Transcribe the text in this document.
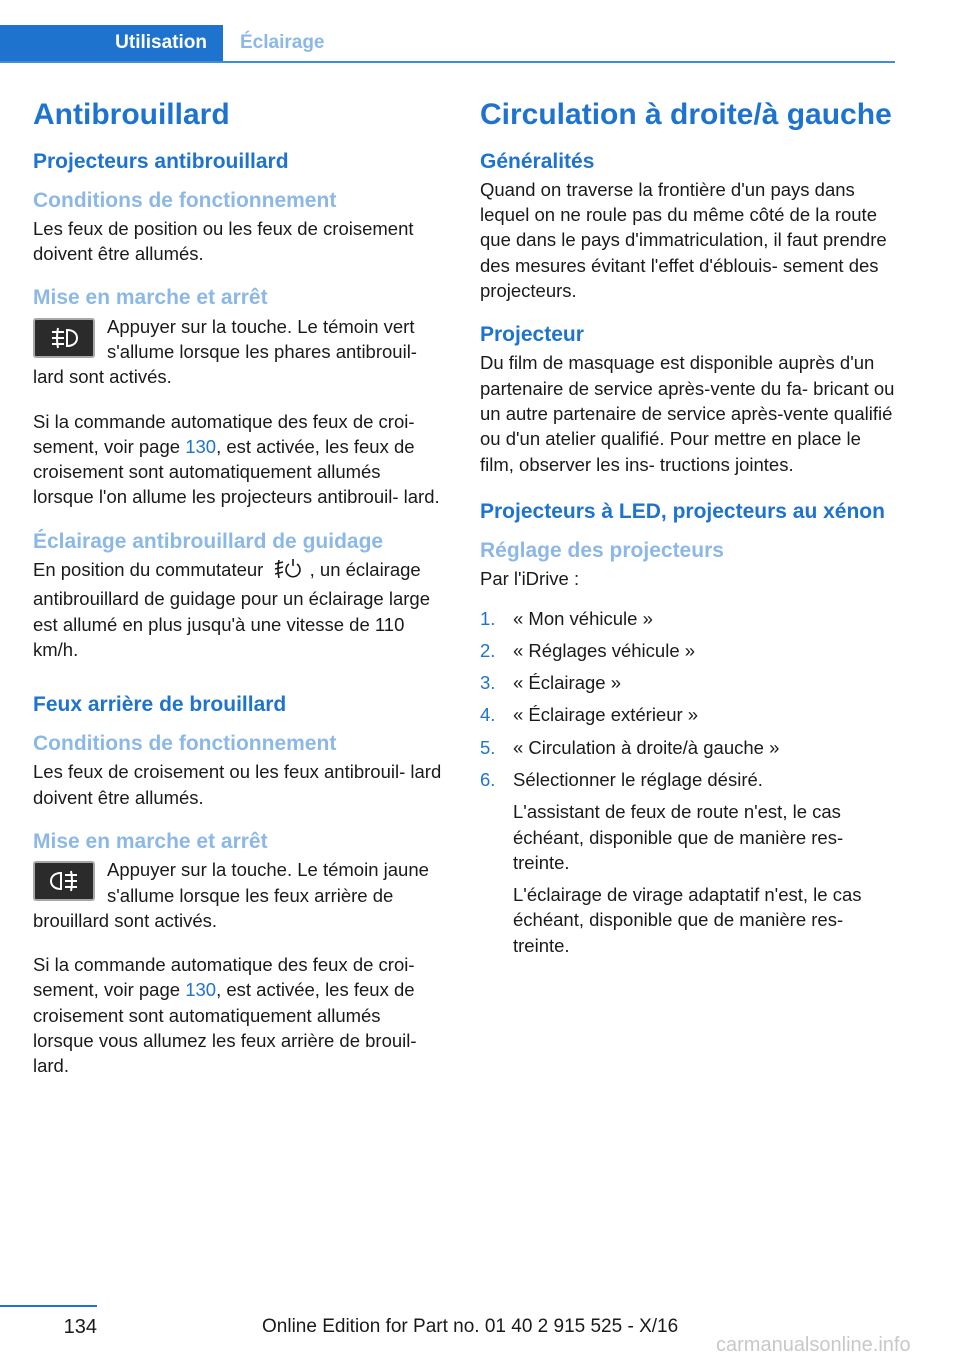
Utilisation	Éclairage
Antibrouillard
Projecteurs antibrouillard
Conditions de fonctionnement

Les feux de position ou les feux de croisement doivent être allumés.

Mise en marche et arrêt

Appuyer sur la touche. Le témoin vert s'allume lorsque les phares antibrouil‐ lard sont activés.

Si la commande automatique des feux de croi‐ sement, voir page 130, est activée, les feux de croisement sont automatiquement allumés lorsque l'on allume les projecteurs antibrouil‐ lard.

Éclairage antibrouillard de guidage

En position du commutateur  , un éclairage antibrouillard de guidage pour un éclairage large est allumé en plus jusqu'à une vitesse de 110 km/h.

Feux arrière de brouillard
Conditions de fonctionnement

Les feux de croisement ou les feux antibrouil‐ lard doivent être allumés.

Mise en marche et arrêt

Appuyer sur la touche. Le témoin jaune s'allume lorsque les feux arrière de brouillard sont activés.

Si la commande automatique des feux de croi‐ sement, voir page 130, est activée, les feux de croisement sont automatiquement allumés lorsque vous allumez les feux arrière de brouil‐ lard.

Circulation à droite/à gauche
Généralités

Quand on traverse la frontière d'un pays dans lequel on ne roule pas du même côté de la route que dans le pays d'immatriculation, il faut prendre des mesures évitant l'effet d'éblouis‐ sement des projecteurs.

Projecteur

Du film de masquage est disponible auprès d'un partenaire de service après-vente du fa‐ bricant ou un autre partenaire de service après-vente qualifié ou d'un atelier qualifié. Pour mettre en place le film, observer les ins‐ tructions jointes.

Projecteurs à LED, projecteurs au xénon
Réglage des projecteurs

Par l'iDrive :

1. « Mon véhicule »
2. « Réglages véhicule »
3. « Éclairage »
4. « Éclairage extérieur »
5. « Circulation à droite/à gauche »
6. Sélectionner le réglage désiré.

L'assistant de feux de route n'est, le cas échéant, disponible que de manière res‐ treinte.

L'éclairage de virage adaptatif n'est, le cas échéant, disponible que de manière res‐ treinte.

134	Online Edition for Part no. 01 40 2 915 525 - X/16
carmanualsonline.info
